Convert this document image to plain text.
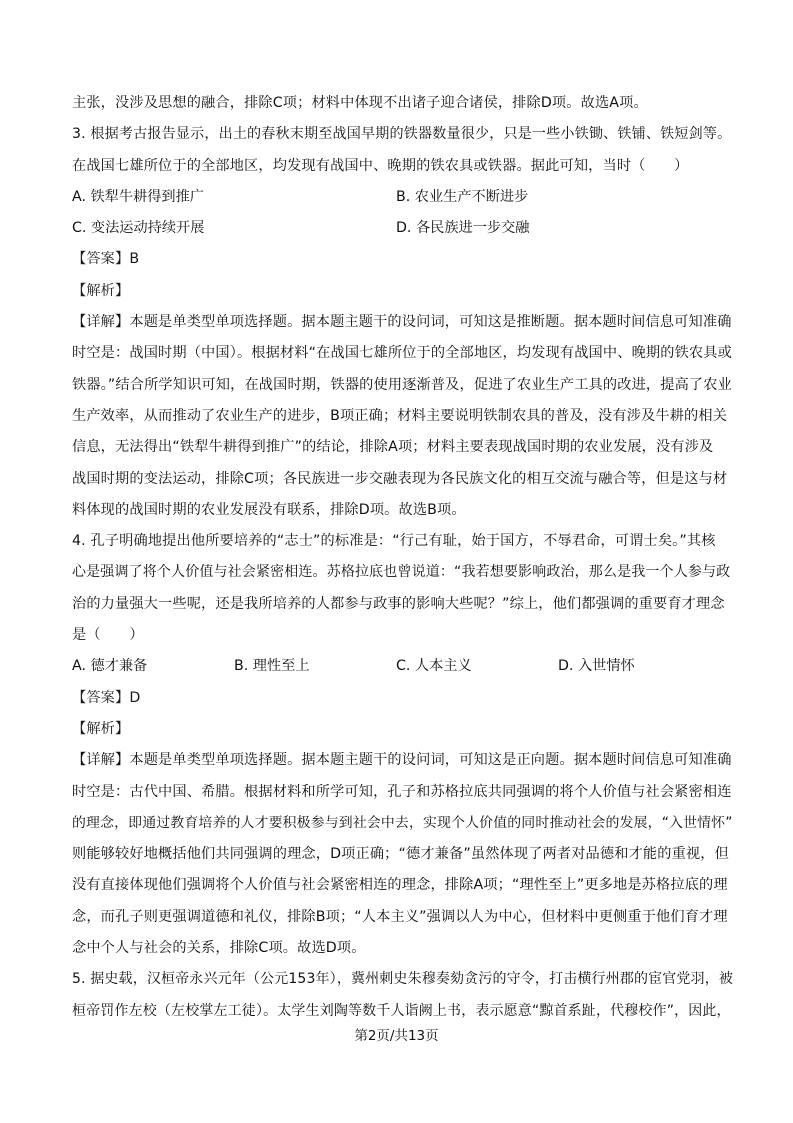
主张，没涉及思想的融合，排除C项；材料中体现不出诸子迎合诸侯，排除D项。故选A项。
3. 根据考古报告显示，出土的春秋末期至战国早期的铁器数量很少，只是一些小铁锄、铁铺、铁短剑等。
在战国七雄所位于的全部地区，均发现有战国中、晚期的铁农具或铁器。据此可知，当时（　　）
A. 铁犁牛耕得到推广	B. 农业生产不断进步
C. 变法运动持续开展	D. 各民族进一步交融
【答案】B
【解析】
【详解】本题是单类型单项选择题。据本题主题干的设问词，可知这是推断题。据本题时间信息可知准确
时空是：战国时期（中国）。根据材料“在战国七雄所位于的全部地区，均发现有战国中、晚期的铁农具或
铁器。”结合所学知识可知，在战国时期，铁器的使用逐渐普及，促进了农业生产工具的改进，提高了农业
生产效率，从而推动了农业生产的进步，B项正确；材料主要说明铁制农具的普及，没有涉及牛耕的相关
信息，无法得出“铁犁牛耕得到推广”的结论，排除A项；材料主要表现战国时期的农业发展，没有涉及
战国时期的变法运动，排除C项；各民族进一步交融表现为各民族文化的相互交流与融合等，但是这与材
料体现的战国时期的农业发展没有联系，排除D项。故选B项。
4. 孔子明确地提出他所要培养的“志士”的标准是：“行己有耻，始于国方，不辱君命，可谓士矣。”其核
心是强调了将个人价值与社会紧密相连。苏格拉底也曾说道：“我若想要影响政治，那么是我一个人参与政
治的力量强大一些呢，还是我所培养的人都参与政事的影响大些呢？”综上，他们都强调的重要育才理念
是（　　）
A. 德才兼备	B. 理性至上	C. 人本主义	D. 入世情怀
【答案】D
【解析】
【详解】本题是单类型单项选择题。据本题主题干的设问词，可知这是正向题。据本题时间信息可知准确
时空是：古代中国、希腊。根据材料和所学可知，孔子和苏格拉底共同强调的将个人价值与社会紧密相连
的理念，即通过教育培养的人才要积极参与到社会中去，实现个人价值的同时推动社会的发展，“入世情怀”
则能够较好地概括他们共同强调的理念，D项正确；“德才兼备”虽然体现了两者对品德和才能的重视，但
没有直接体现他们强调将个人价值与社会紧密相连的理念，排除A项；“理性至上”更多地是苏格拉底的理
念，而孔子则更强调道德和礼仪，排除B项；“人本主义”强调以人为中心，但材料中更侧重于他们育才理
念中个人与社会的关系，排除C项。故选D项。
5. 据史载，汉桓帝永兴元年（公元153年），冀州刺史朱穆奏劾贪污的守令，打击横行州郡的宦官党羽，被
桓帝罚作左校（左校掌左工徒）。太学生刘陶等数千人诣阙上书，表示愿意“黥首系趾，代穆校作”，因此，
第2页/共13页
